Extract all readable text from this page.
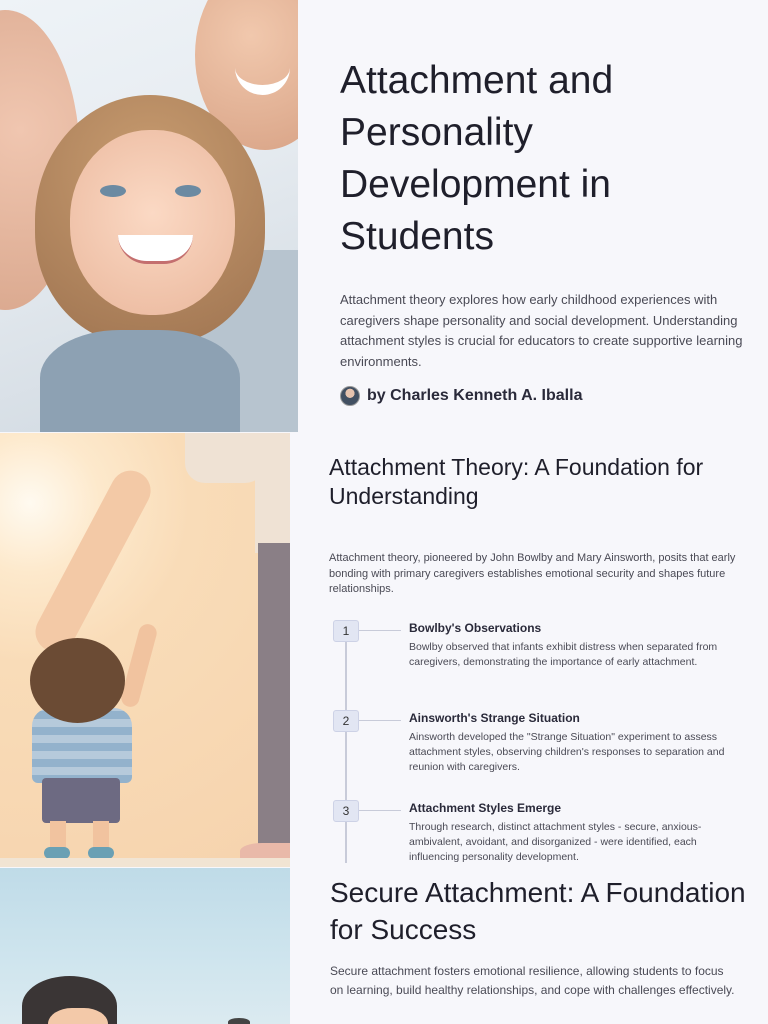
Attachment and Personality Development in Students

Attachment theory explores how early childhood experiences with caregivers shape personality and social development. Understanding attachment styles is crucial for educators to create supportive learning environments.

by Charles Kenneth A. Iballa
Attachment Theory: A Foundation for Understanding

Attachment theory, pioneered by John Bowlby and Mary Ainsworth, posits that early bonding with primary caregivers establishes emotional security and shapes future relationships.

1	Bowlby's Observations

Bowlby observed that infants exhibit distress when separated from caregivers, demonstrating the importance of early attachment.

2	Ainsworth's Strange Situation

Ainsworth developed the "Strange Situation" experiment to assess attachment styles, observing children's responses to separation and reunion with caregivers.

3	Attachment Styles Emerge

Through research, distinct attachment styles - secure, anxious-ambivalent, avoidant, and disorganized - were identified, each influencing personality development.

Secure Attachment: A Foundation for Success

Secure attachment fosters emotional resilience, allowing students to focus on learning, build healthy relationships, and cope with challenges effectively.
